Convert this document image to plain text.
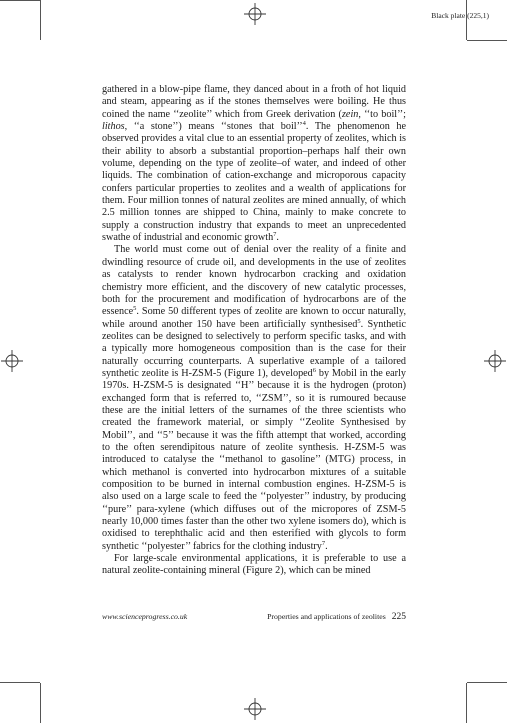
Black plate (225,1)

gathered in a blow-pipe flame, they danced about in a froth of hot liquid and steam, appearing as if the stones themselves were boiling. He thus coined the name ‘‘zeolite’’ which from Greek derivation (zein, ‘‘to boil’’; lithos, ‘‘a stone’’) means ‘‘stones that boil’’$^4$. The phenomenon he observed provides a vital clue to an essential property of zeolites, which is their ability to absorb a substantial proportion–perhaps half their own volume, depending on the type of zeolite–of water, and indeed of other liquids. The combination of cation-exchange and microporous capacity confers particular properties to zeolites and a wealth of applications for them. Four million tonnes of natural zeolites are mined annually, of which 2.5 million tonnes are shipped to China, mainly to make concrete to supply a construction industry that expands to meet an unprecedented swathe of industrial and economic growth$^7$.

The world must come out of denial over the reality of a finite and dwindling resource of crude oil, and developments in the use of zeolites as catalysts to render known hydrocarbon cracking and oxidation chemistry more efficient, and the discovery of new catalytic processes, both for the procurement and modification of hydrocarbons are of the essence$^5$. Some 50 different types of zeolite are known to occur naturally, while around another 150 have been artificially synthesised$^5$. Synthetic zeolites can be designed to selectively to perform specific tasks, and with a typically more homogeneous composition than is the case for their naturally occurring counterparts. A superlative example of a tailored synthetic zeolite is H-ZSM-5 (Figure 1), developed$^6$ by Mobil in the early 1970s. H-ZSM-5 is designated ‘‘H’’ because it is the hydrogen (proton) exchanged form that is referred to, ‘‘ZSM’’, so it is rumoured because these are the initial letters of the surnames of the three scientists who created the framework material, or simply ‘‘Zeolite Synthesised by Mobil’’, and ‘‘5’’ because it was the fifth attempt that worked, according to the often serendipitous nature of zeolite synthesis. H-ZSM-5 was introduced to catalyse the ‘‘methanol to gasoline’’ (MTG) process, in which methanol is converted into hydrocarbon mixtures of a suitable composition to be burned in internal combustion engines. H-ZSM-5 is also used on a large scale to feed the ‘‘polyester’’ industry, by producing ‘‘pure’’ para-xylene (which diffuses out of the micropores of ZSM-5 nearly 10,000 times faster than the other two xylene isomers do), which is oxidised to terephthalic acid and then esterified with glycols to form synthetic ‘‘polyester’’ fabrics for the clothing industry$^7$.

For large-scale environmental applications, it is preferable to use a natural zeolite-containing mineral (Figure 2), which can be mined

www.scienceprogress.co.uk	Properties and applications of zeolites 225
